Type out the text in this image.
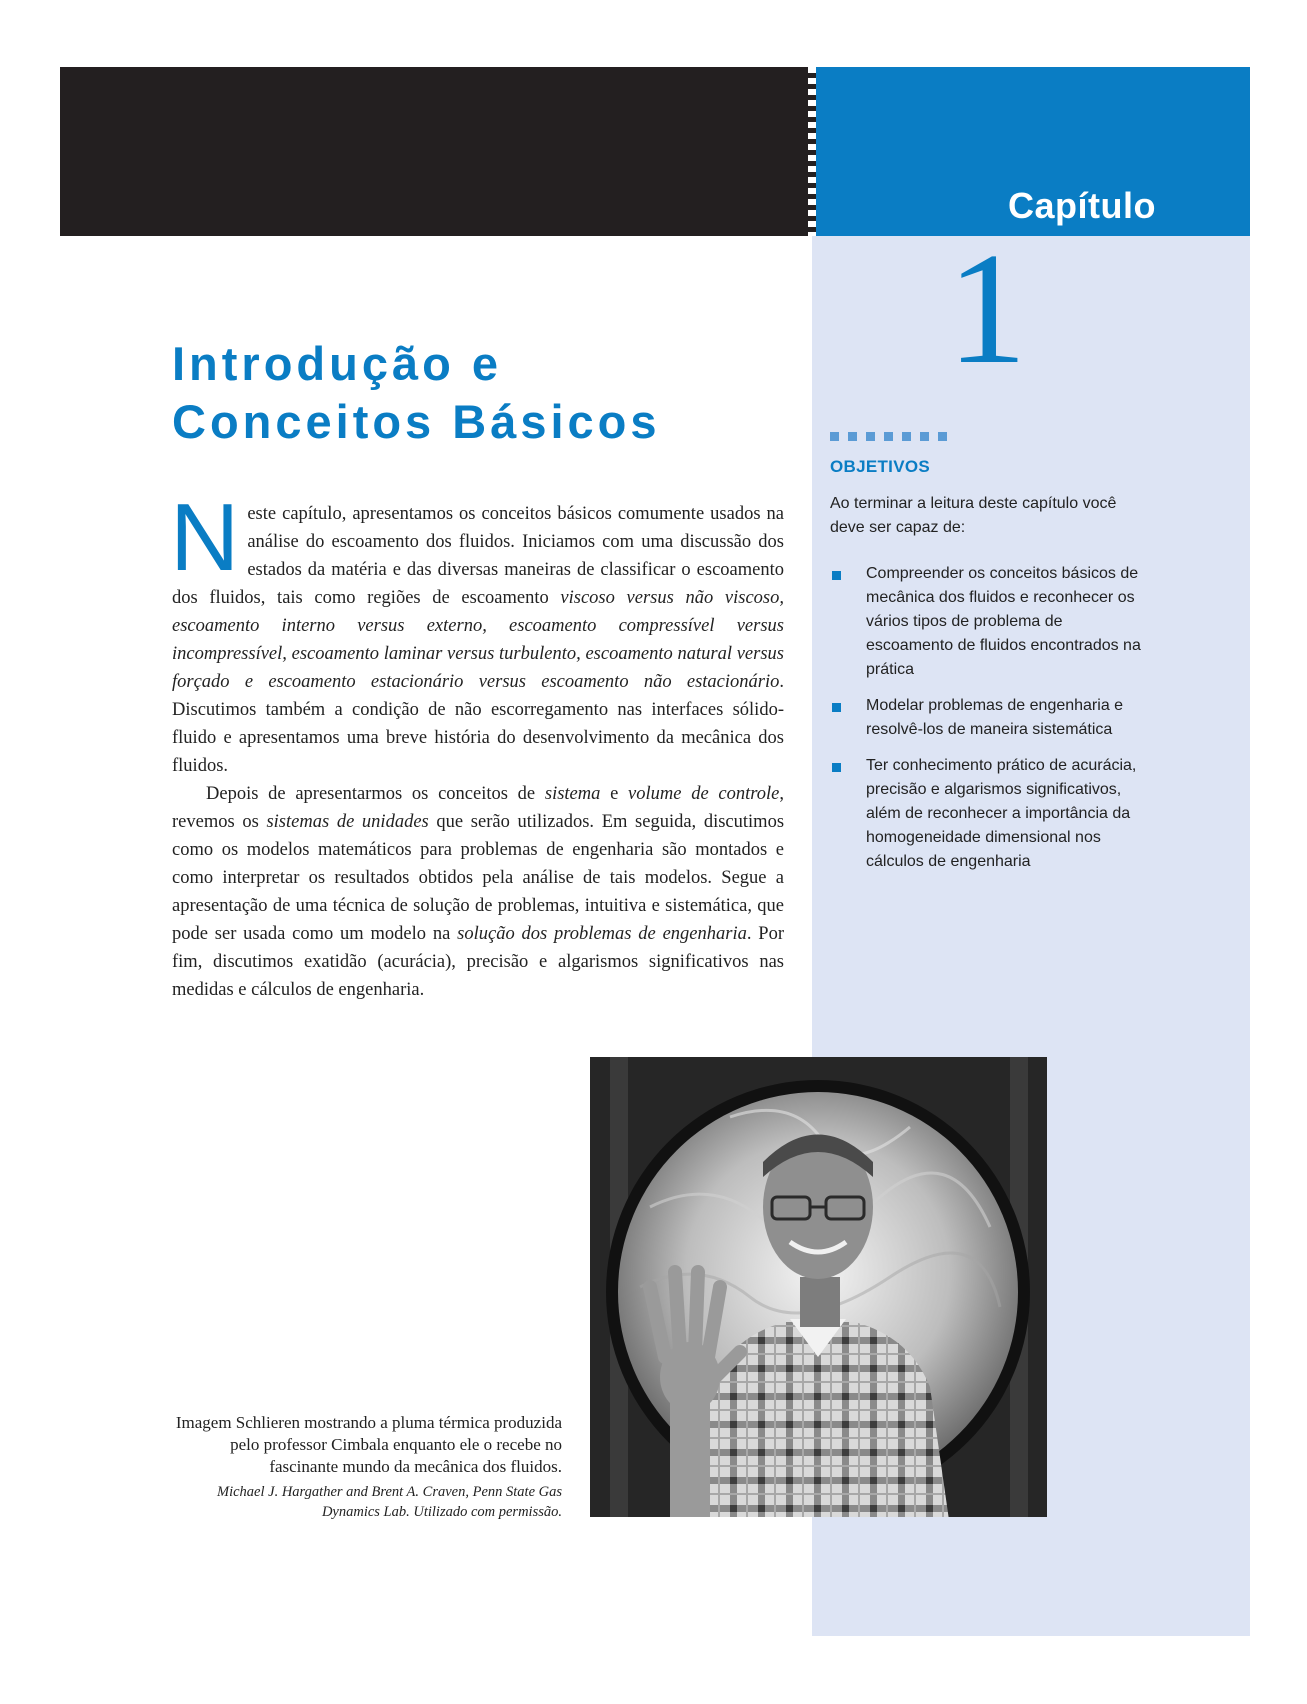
Capítulo
1
OBJETIVOS
Ao terminar a leitura deste capítulo você deve ser capaz de:
Compreender os conceitos básicos de mecânica dos fluidos e reconhecer os vários tipos de problema de escoamento de fluidos encontrados na prática
Modelar problemas de engenharia e resolvê-los de maneira sistemática
Ter conhecimento prático de acurácia, precisão e algarismos significativos, além de reconhecer a importância da homogeneidade dimensional nos cálculos de engenharia
Introdução e
Conceitos Básicos

Neste capítulo, apresentamos os conceitos básicos comumente usados na análise do escoamento dos fluidos. Iniciamos com uma discussão dos estados da matéria e das diversas maneiras de classificar o escoamento dos fluidos, tais como regiões de escoamento viscoso versus não viscoso, escoamento interno versus externo, escoamento compressível versus incompressível, escoamento laminar versus turbulento, escoamento natural versus forçado e escoamento estacionário versus escoamento não estacionário. Discutimos também a condição de não escorregamento nas interfaces sólido-fluido e apresentamos uma breve história do desenvolvimento da mecânica dos fluidos.

Depois de apresentarmos os conceitos de sistema e volume de controle, revemos os sistemas de unidades que serão utilizados. Em seguida, discutimos como os modelos matemáticos para problemas de engenharia são montados e como interpretar os resultados obtidos pela análise de tais modelos. Segue a apresentação de uma técnica de solução de problemas, intuitiva e sistemática, que pode ser usada como um modelo na solução dos problemas de engenharia. Por fim, discutimos exatidão (acurácia), precisão e algarismos significativos nas medidas e cálculos de engenharia.

Imagem Schlieren mostrando a pluma térmica produzida pelo professor Cimbala enquanto ele o recebe no fascinante mundo da mecânica dos fluidos.
Michael J. Hargather and Brent A. Craven, Penn State Gas Dynamics Lab. Utilizado com permissão.
